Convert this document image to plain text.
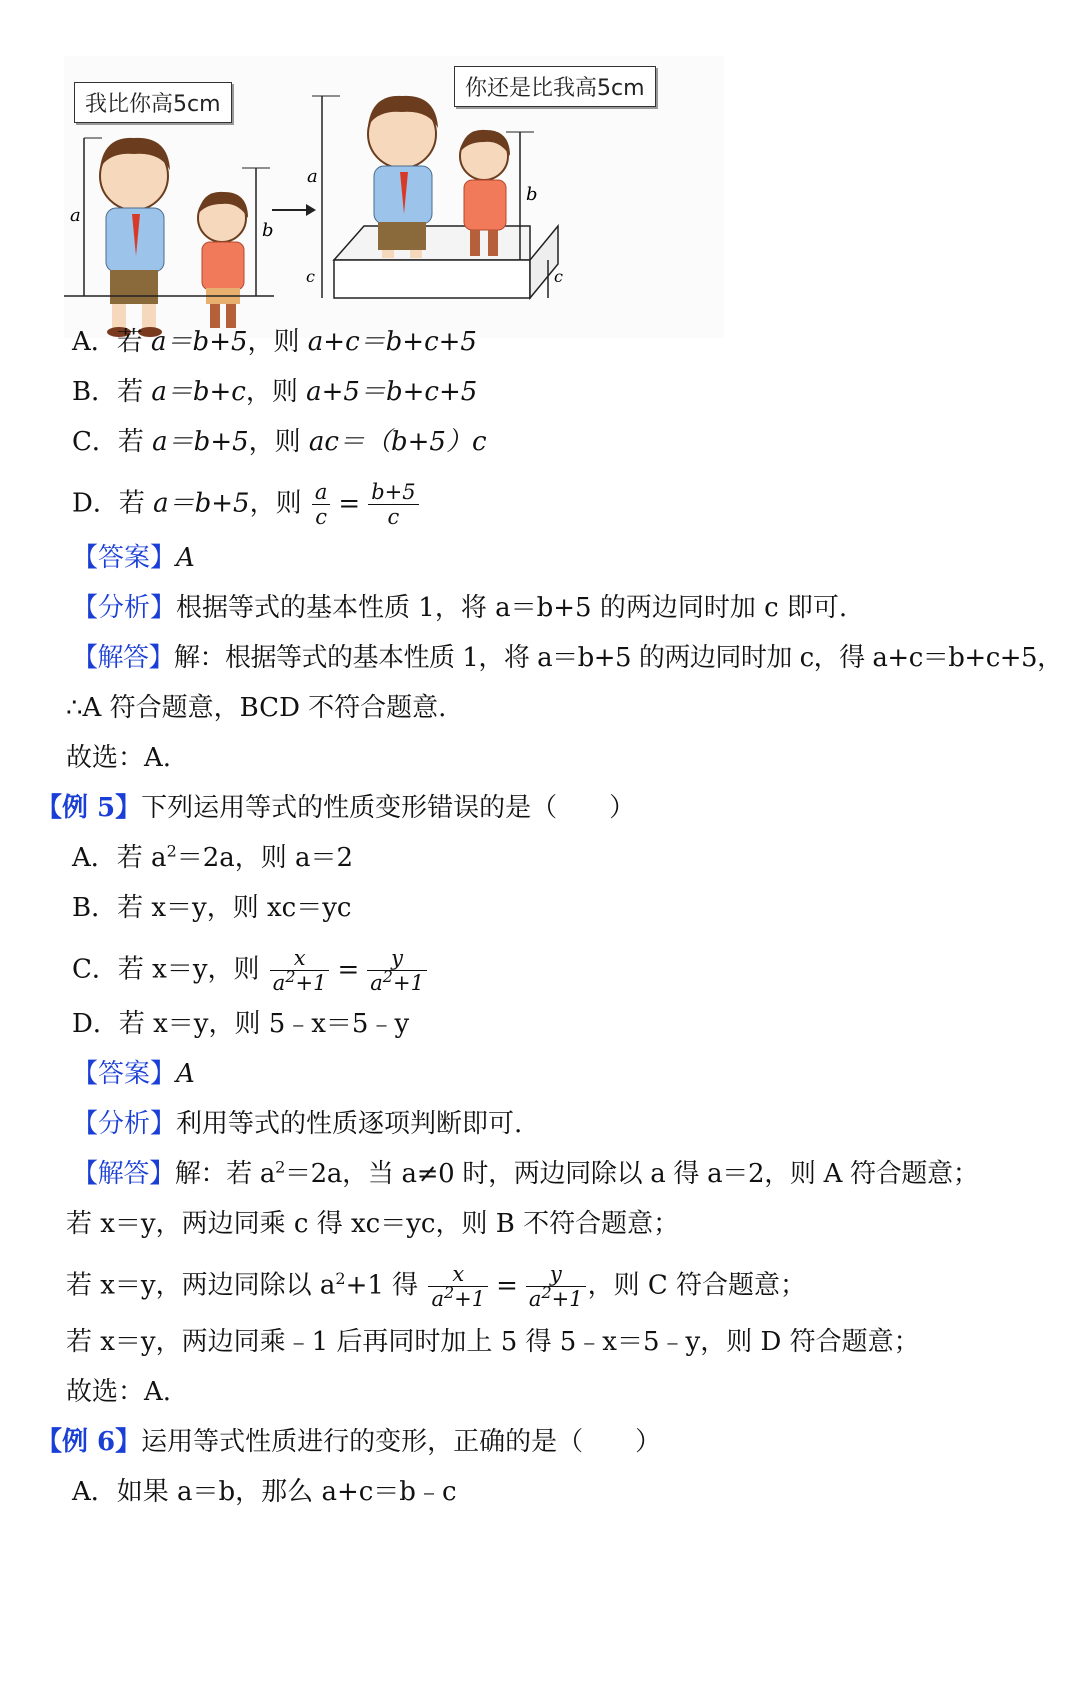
a
b
a
c
b
c
我比你高5cm
你还是比我高5cm
A．若 a＝b+5，则 a+c＝b+c+5
B．若 a＝b+c，则 a+5＝b+c+5
C．若 a＝b+5，则 ac＝（b+5）c
D．若 a＝b+5，则 $\frac{a}{c} = \frac{b+5}{c}$
【答案】A
【分析】根据等式的基本性质 1，将 a＝b+5 的两边同时加 c 即可.
【解答】解：根据等式的基本性质 1，将 a＝b+5 的两边同时加 c，得 a+c＝b+c+5，
∴A 符合题意，BCD 不符合题意.
故选：A.
【例 5】下列运用等式的性质变形错误的是（　　）
A．若 $a^2=2a$，则 a＝2
B．若 x＝y，则 xc＝yc
C．若 x＝y，则 $\frac{x}{a^2+1} = \frac{y}{a^2+1}$
D．若 x＝y，则 5﹣x＝5﹣y
【答案】A
【分析】利用等式的性质逐项判断即可.
【解答】解：若 $a^2=2a$，当 a≠0 时，两边同除以 a 得 a＝2，则 A 符合题意；
若 x＝y，两边同乘 c 得 xc＝yc，则 B 不符合题意；
若 x＝y，两边同除以 $a^2+1$ 得 $\frac{x}{a^2+1} = \frac{y}{a^2+1}$ ，则 C 符合题意；
若 x＝y，两边同乘﹣1 后再同时加上 5 得 5﹣x＝5﹣y，则 D 符合题意；
故选：A.
【例 6】运用等式性质进行的变形，正确的是（　　）
A．如果 a＝b，那么 a+c＝b﹣c
